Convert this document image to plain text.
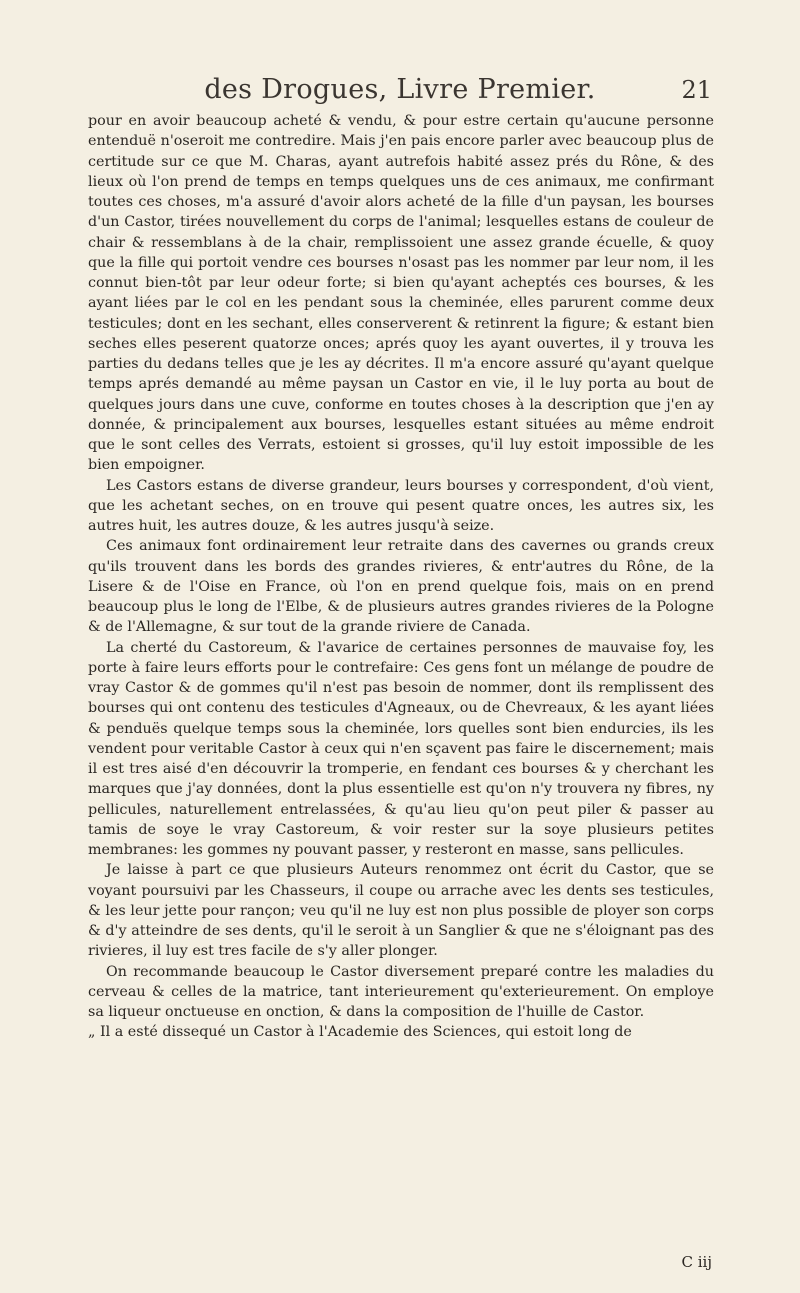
des Drogues, Livre Premier.	21

pour en avoir beaucoup acheté & vendu, & pour estre certain qu'aucune personne entenduë n'oseroit me contredire. Mais j'en pais encore parler avec beaucoup plus de certitude sur ce que M. Charas, ayant autrefois habité assez prés du Rône, & des lieux où l'on prend de temps en temps quelques uns de ces animaux, me confirmant toutes ces choses, m'a assuré d'avoir alors acheté de la fille d'un paysan, les bourses d'un Castor, tirées nouvellement du corps de l'animal; lesquelles estans de couleur de chair & ressemblans à de la chair, remplissoient une assez grande écuelle, & quoy que la fille qui portoit vendre ces bourses n'osast pas les nommer par leur nom, il les connut bien-tôt par leur odeur forte; si bien qu'ayant acheptés ces bourses, & les ayant liées par le col en les pendant sous la cheminée, elles parurent comme deux testicules; dont en les sechant, elles conserverent & retinrent la figure; & estant bien seches elles peserent quatorze onces; aprés quoy les ayant ouvertes, il y trouva les parties du dedans telles que je les ay décrites. Il m'a encore assuré qu'ayant quelque temps aprés demandé au même paysan un Castor en vie, il le luy porta au bout de quelques jours dans une cuve, conforme en toutes choses à la description que j'en ay donnée, & principalement aux bourses, lesquelles estant situées au même endroit que le sont celles des Verrats, estoient si grosses, qu'il luy estoit impossible de les bien empoigner.

Les Castors estans de diverse grandeur, leurs bourses y correspondent, d'où vient, que les achetant seches, on en trouve qui pesent quatre onces, les autres six, les autres huit, les autres douze, & les autres jusqu'à seize.

Ces animaux font ordinairement leur retraite dans des cavernes ou grands creux qu'ils trouvent dans les bords des grandes rivieres, & entr'autres du Rône, de la Lisere & de l'Oise en France, où l'on en prend quelque fois, mais on en prend beaucoup plus le long de l'Elbe, & de plusieurs autres grandes rivieres de la Pologne & de l'Allemagne, & sur tout de la grande riviere de Canada.

La cherté du Castoreum, & l'avarice de certaines personnes de mauvaise foy, les porte à faire leurs efforts pour le contrefaire: Ces gens font un mélange de poudre de vray Castor & de gommes qu'il n'est pas besoin de nommer, dont ils remplissent des bourses qui ont contenu des testicules d'Agneaux, ou de Chevreaux, & les ayant liées & penduës quelque temps sous la cheminée, lors quelles sont bien endurcies, ils les vendent pour veritable Castor à ceux qui n'en sçavent pas faire le discernement; mais il est tres aisé d'en découvrir la tromperie, en fendant ces bourses & y cherchant les marques que j'ay données, dont la plus essentielle est qu'on n'y trouvera ny fibres, ny pellicules, naturellement entrelassées, & qu'au lieu qu'on peut piler & passer au tamis de soye le vray Castoreum, & voir rester sur la soye plusieurs petites membranes: les gommes ny pouvant passer, y resteront en masse, sans pellicules.

Je laisse à part ce que plusieurs Auteurs renommez ont écrit du Castor, que se voyant poursuivi par les Chasseurs, il coupe ou arrache avec les dents ses testicules, & les leur jette pour rançon; veu qu'il ne luy est non plus possible de ployer son corps & d'y atteindre de ses dents, qu'il le seroit à un Sanglier & que ne s'éloignant pas des rivieres, il luy est tres facile de s'y aller plonger.

On recommande beaucoup le Castor diversement preparé contre les maladies du cerveau & celles de la matrice, tant interieurement qu'exterieurement. On employe sa liqueur onctueuse en onction, & dans la composition de l'huille de Castor.

„ Il a esté dissequé un Castor à l'Academie des Sciences, qui estoit long de

C iij
